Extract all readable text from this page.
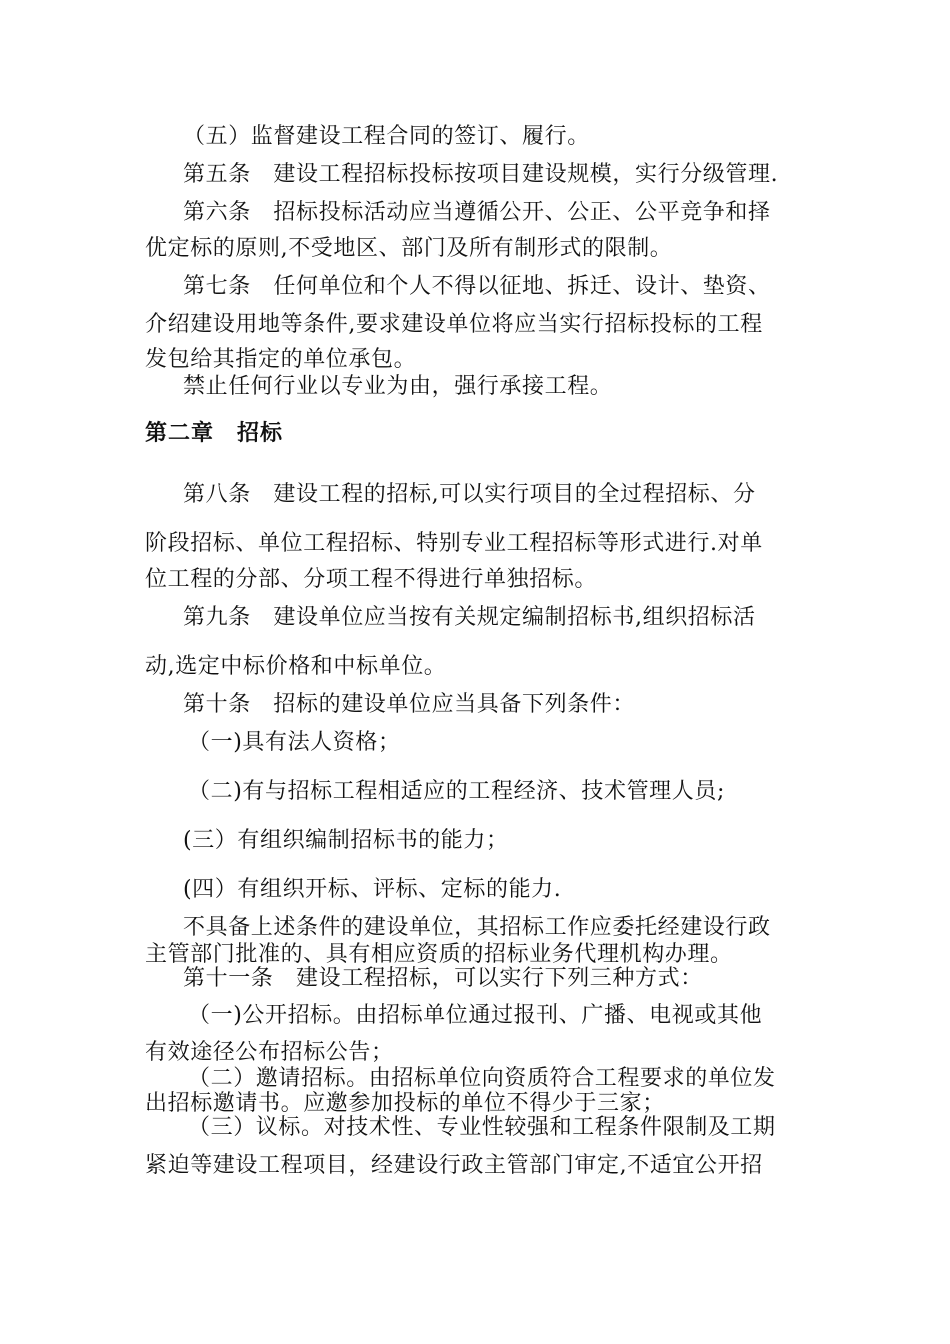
（五）监督建设工程合同的签订、履行。
第五条　建设工程招标投标按项目建设规模，实行分级管理.
第六条　招标投标活动应当遵循公开、公正、公平竞争和择
优定标的原则,不受地区、部门及所有制形式的限制。
第七条　任何单位和个人不得以征地、拆迁、设计、垫资、
介绍建设用地等条件,要求建设单位将应当实行招标投标的工程
发包给其指定的单位承包。
禁止任何行业以专业为由，强行承接工程。
第二章　招标
第八条　建设工程的招标,可以实行项目的全过程招标、分
阶段招标、单位工程招标、特别专业工程招标等形式进行.对单
位工程的分部、分项工程不得进行单独招标。
第九条　建设单位应当按有关规定编制招标书,组织招标活
动,选定中标价格和中标单位。
第十条　招标的建设单位应当具备下列条件：
（一)具有法人资格；
（二)有与招标工程相适应的工程经济、技术管理人员;
(三）有组织编制招标书的能力；
(四）有组织开标、评标、定标的能力.
不具备上述条件的建设单位，其招标工作应委托经建设行政
主管部门批准的、具有相应资质的招标业务代理机构办理。
第十一条　建设工程招标，可以实行下列三种方式：
（一)公开招标。由招标单位通过报刊、广播、电视或其他
有效途径公布招标公告；
（二）邀请招标。由招标单位向资质符合工程要求的单位发
出招标邀请书。应邀参加投标的单位不得少于三家；
（三）议标。对技术性、专业性较强和工程条件限制及工期
紧迫等建设工程项目，经建设行政主管部门审定,不适宜公开招
